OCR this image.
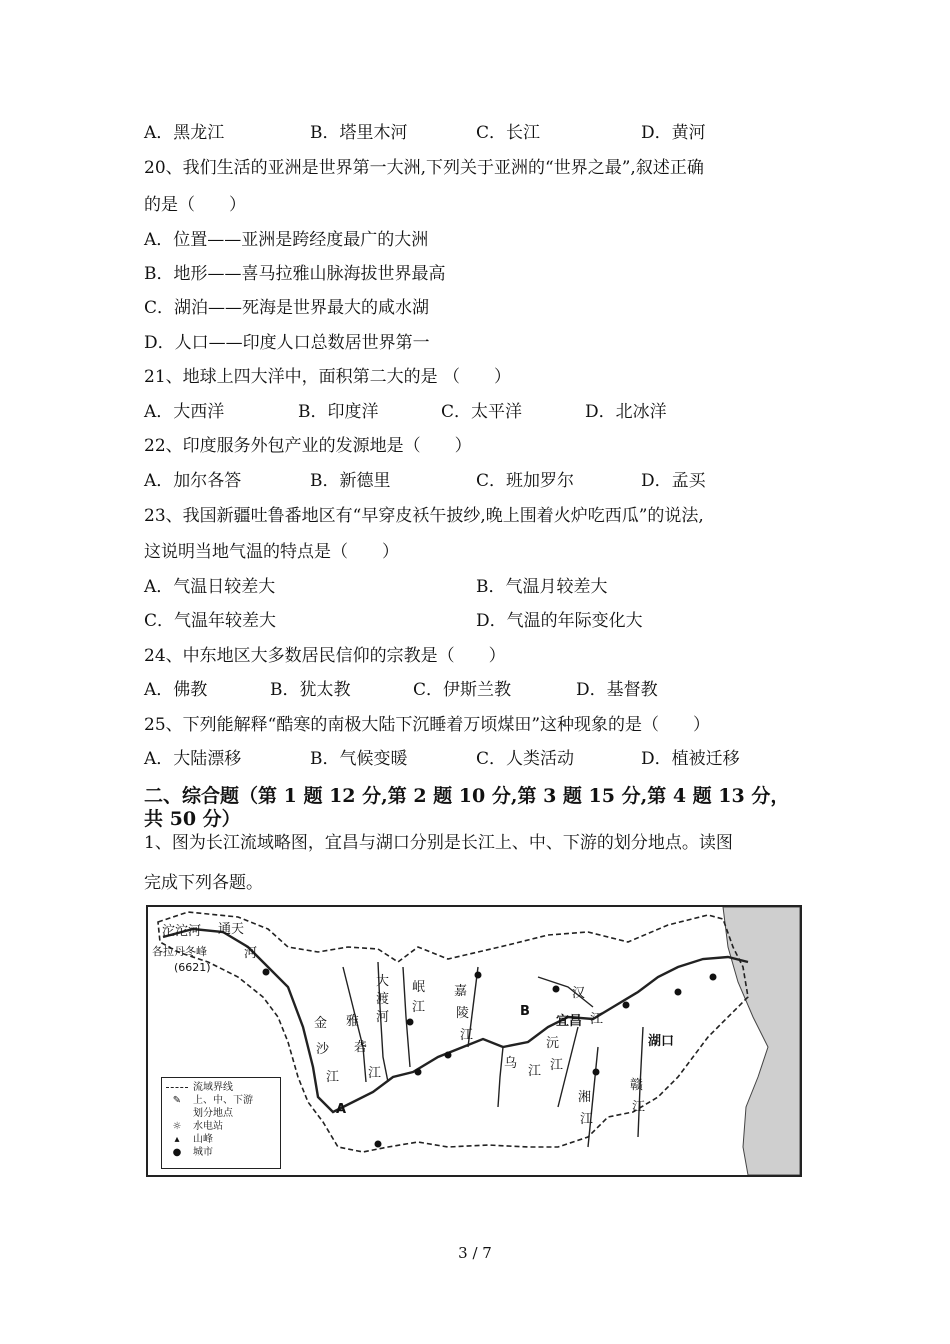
A．黑龙江	B．塔里木河	C．长江	D．黄河
20、我们生活的亚洲是世界第一大洲,下列关于亚洲的“世界之最”,叙述正确
的是（　　）
A．位置——亚洲是跨经度最广的大洲
B．地形——喜马拉雅山脉海拔世界最高
C．湖泊——死海是世界最大的咸水湖
D．人口——印度人口总数居世界第一
21、地球上四大洋中，面积第二大的是 （　　）
A．大西洋	B．印度洋	C．太平洋	D．北冰洋
22、印度服务外包产业的发源地是（　　）
A．加尔各答	B．新德里	C．班加罗尔	D．孟买
23、我国新疆吐鲁番地区有“早穿皮袄午披纱,晚上围着火炉吃西瓜”的说法,
这说明当地气温的特点是（　　）
A．气温日较差大	B．气温月较差大
C．气温年较差大	D．气温的年际变化大
24、中东地区大多数居民信仰的宗教是（　　）
A．佛教	B．犹太教	C．伊斯兰教	D．基督教
25、下列能解释“酷寒的南极大陆下沉睡着万顷煤田”这种现象的是（　　）
A．大陆漂移	B．气候变暖	C．人类活动	D．植被迁移
二、综合题（第 1 题 12 分,第 2 题 10 分,第 3 题 15 分,第 4 题 13 分，
共 50 分）
1、图为长江流域略图，宜昌与湖口分别是长江上、中、下游的划分地点。读图
完成下列各题。
沱沱河 通天
河
各拉丹冬峰
(6621)
金
沙
江
雅
砻
江
大
渡
河
岷
江
嘉
陵
江
乌
江
沅
江
湘
江
赣
江
汉
江
宜昌
湖口
A
B
流域界线
✎	上、中、下游
划分地点
☼	水电站
▴	山峰
●	城市
3 / 7
